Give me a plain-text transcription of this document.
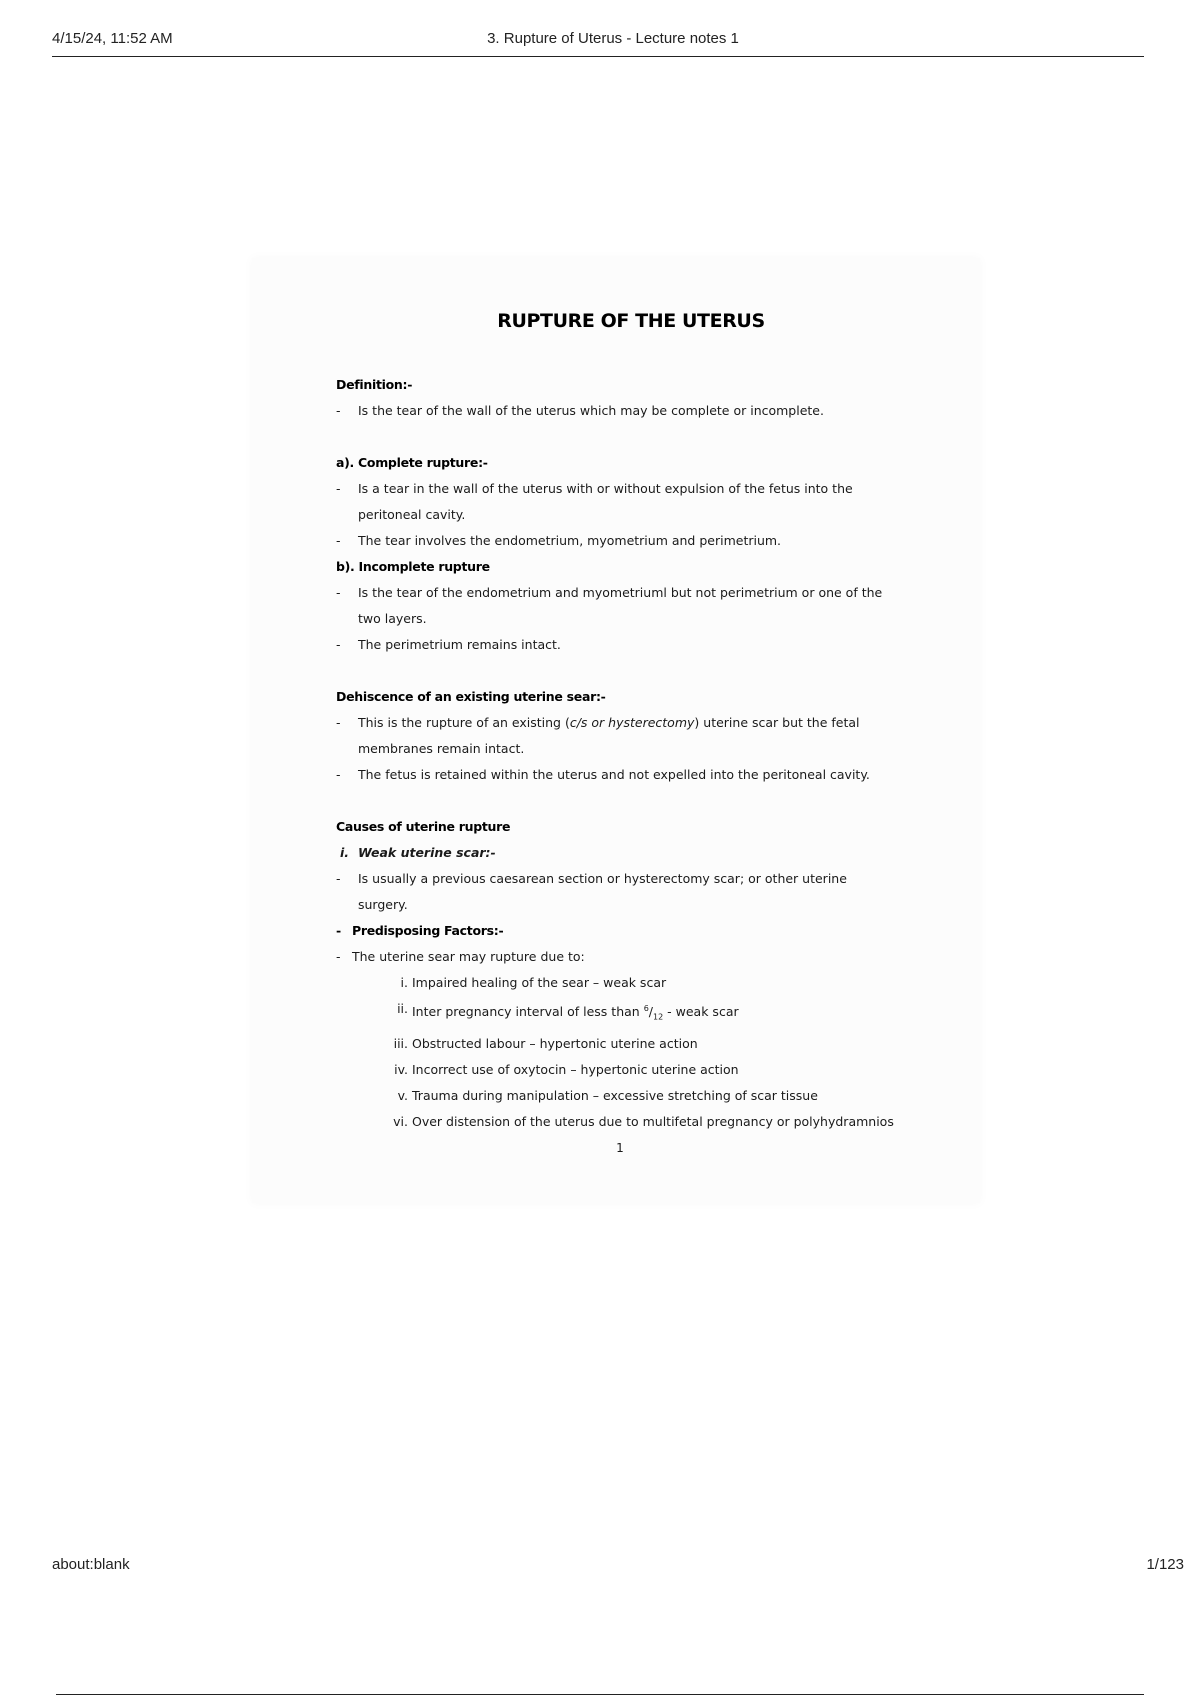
4/15/24, 11:52 AM	3. Rupture of Uterus - Lecture notes 1
RUPTURE OF THE UTERUS
Definition:-
-	Is the tear of the wall of the uterus which may be complete or incomplete.
a). Complete rupture:-
-	Is a tear in the wall of the uterus with or without expulsion of the fetus into the
peritoneal cavity.
-	The tear involves the endometrium, myometrium and perimetrium.
b). Incomplete rupture
-	Is the tear of the endometrium and myometriuml but not perimetrium or one of the
two layers.
-	The perimetrium remains intact.
Dehiscence of an existing uterine sear:-
-	This is the rupture of an existing (c/s or hysterectomy) uterine scar but the fetal
membranes remain intact.
-	The fetus is retained within the uterus and not expelled into the peritoneal cavity.
Causes of uterine rupture
i. Weak uterine scar:-
-	Is usually a previous caesarean section or hysterectomy scar; or other uterine
surgery.
- Predisposing Factors:-
- The uterine sear may rupture due to:
i. Impaired healing of the sear – weak scar
ii. Inter pregnancy interval of less than $^6/_{12}$ - weak scar
iii. Obstructed labour – hypertonic uterine action
iv. Incorrect use of oxytocin – hypertonic uterine action
v. Trauma during manipulation – excessive stretching of scar tissue
vi. Over distension of the uterus due to multifetal pregnancy or polyhydramnios
1
about:blank	1/123
